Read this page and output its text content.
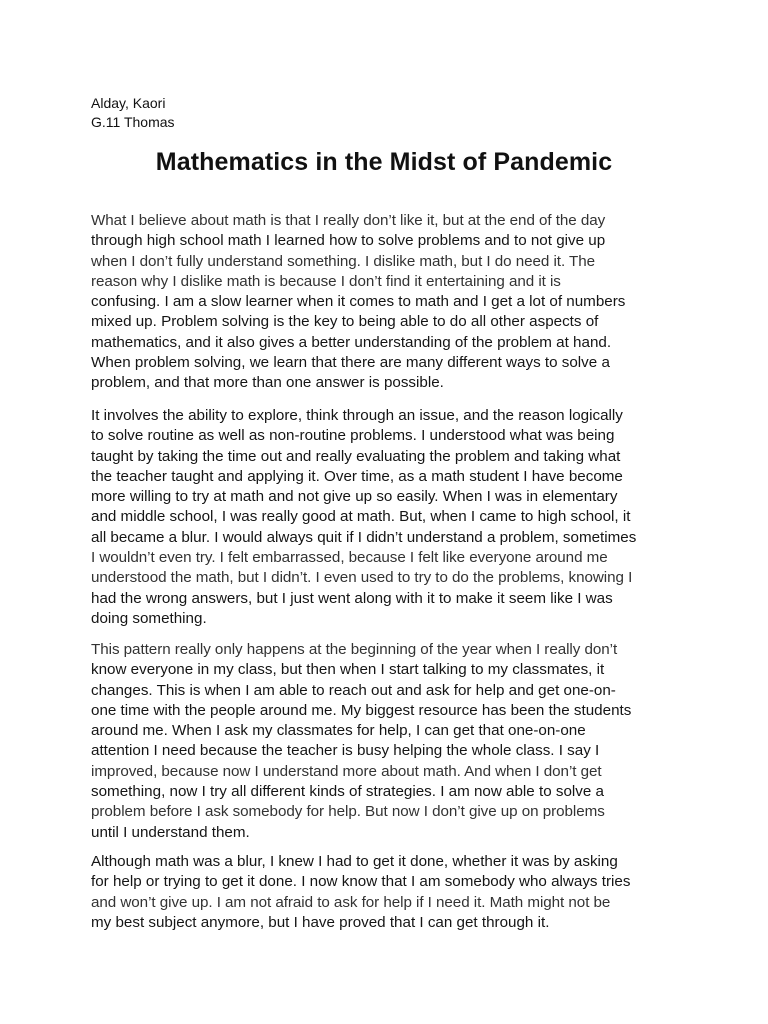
Alday, Kaori
G.11 Thomas
Mathematics in the Midst of Pandemic
What I believe about math is that I really don’t like it, but at the end of the day
through high school math I learned how to solve problems and to not give up
when I don’t fully understand something. I dislike math, but I do need it. The
reason why I dislike math is because I don’t find it entertaining and it is
confusing. I am a slow learner when it comes to math and I get a lot of numbers
mixed up. Problem solving is the key to being able to do all other aspects of
mathematics, and it also gives a better understanding of the problem at hand.
When problem solving, we learn that there are many different ways to solve a
problem, and that more than one answer is possible.
It involves the ability to explore, think through an issue, and the reason logically
to solve routine as well as non-routine problems. I understood what was being
taught by taking the time out and really evaluating the problem and taking what
the teacher taught and applying it. Over time, as a math student I have become
more willing to try at math and not give up so easily. When I was in elementary
and middle school, I was really good at math. But, when I came to high school, it
all became a blur. I would always quit if I didn’t understand a problem, sometimes
I wouldn’t even try. I felt embarrassed, because I felt like everyone around me
understood the math, but I didn’t. I even used to try to do the problems, knowing I
had the wrong answers, but I just went along with it to make it seem like I was
doing something.
This pattern really only happens at the beginning of the year when I really don’t
know everyone in my class, but then when I start talking to my classmates, it
changes. This is when I am able to reach out and ask for help and get one-on-
one time with the people around me. My biggest resource has been the students
around me. When I ask my classmates for help, I can get that one-on-one
attention I need because the teacher is busy helping the whole class. I say I
improved, because now I understand more about math. And when I don’t get
something, now I try all different kinds of strategies. I am now able to solve a
problem before I ask somebody for help. But now I don’t give up on problems
until I understand them.
Although math was a blur, I knew I had to get it done, whether it was by asking
for help or trying to get it done. I now know that I am somebody who always tries
and won’t give up. I am not afraid to ask for help if I need it. Math might not be
my best subject anymore, but I have proved that I can get through it.
